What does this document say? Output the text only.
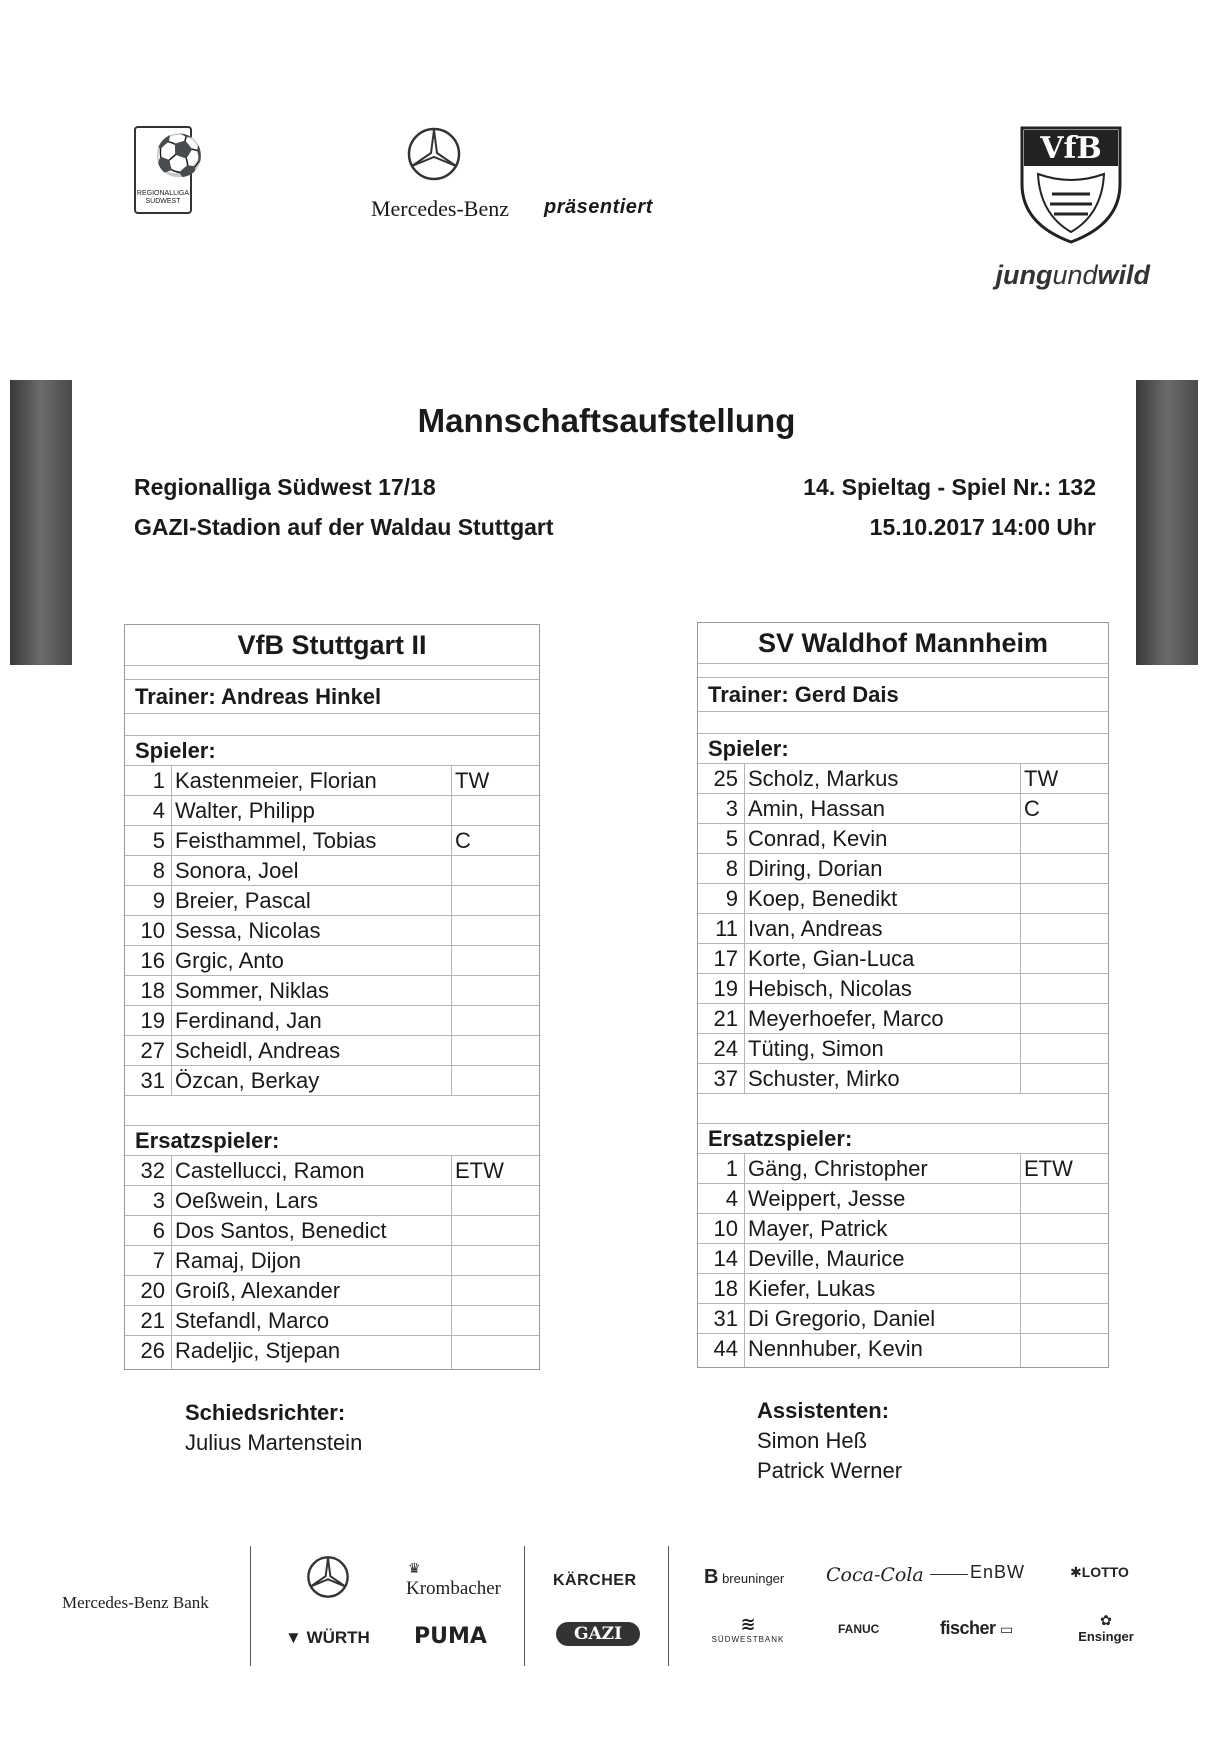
⚽
REGIONALLIGA SÜDWEST	Mercedes-Benz	präsentiert
VfB
jungundwild
Mannschaftsaufstellung
Regionalliga Südwest 17/18
GAZI-Stadion auf der Waldau Stuttgart
14. Spieltag - Spiel Nr.: 132
15.10.2017 14:00 Uhr
VfB Stuttgart II
Trainer: Andreas Hinkel
Spieler:
Ersatzspieler:
1 Kastenmeier, Florian	TW
4 Walter, Philipp
5 Feisthammel, Tobias	C
8 Sonora, Joel
9 Breier, Pascal
10 Sessa, Nicolas
16 Grgic, Anto
18 Sommer, Niklas
19 Ferdinand, Jan
27 Scheidl, Andreas
31 Özcan, Berkay
32 Castellucci, Ramon	ETW
3 Oeßwein, Lars
6 Dos Santos, Benedict
7 Ramaj, Dijon
20 Groiß, Alexander
21 Stefandl, Marco
26 Radeljic, Stjepan
SV Waldhof Mannheim
Trainer: Gerd Dais
Spieler:
Ersatzspieler:
25 Scholz, Markus	TW
3 Amin, Hassan	C
5 Conrad, Kevin
8 Diring, Dorian
9 Koep, Benedikt
11 Ivan, Andreas
17 Korte, Gian-Luca
19 Hebisch, Nicolas
21 Meyerhoefer, Marco
24 Tüting, Simon
37 Schuster, Mirko
1 Gäng, Christopher	ETW
4 Weippert, Jesse
10 Mayer, Patrick
14 Deville, Maurice
18 Kiefer, Lukas
31 Di Gregorio, Daniel
44 Nennhuber, Kevin
Schiedsrichter:
Julius Martenstein
Assistenten:
Simon Heß
Patrick Werner
Mercedes-Benz Bank
♛
Krombacher
▼ WÜRTH PUMA
KÄRCHER
GAZI
B breuninger Coca-Cola	EnBW	✱LOTTO
≋
SÜDWESTBANK
FANUC	fischer ▭
✿
Ensinger
